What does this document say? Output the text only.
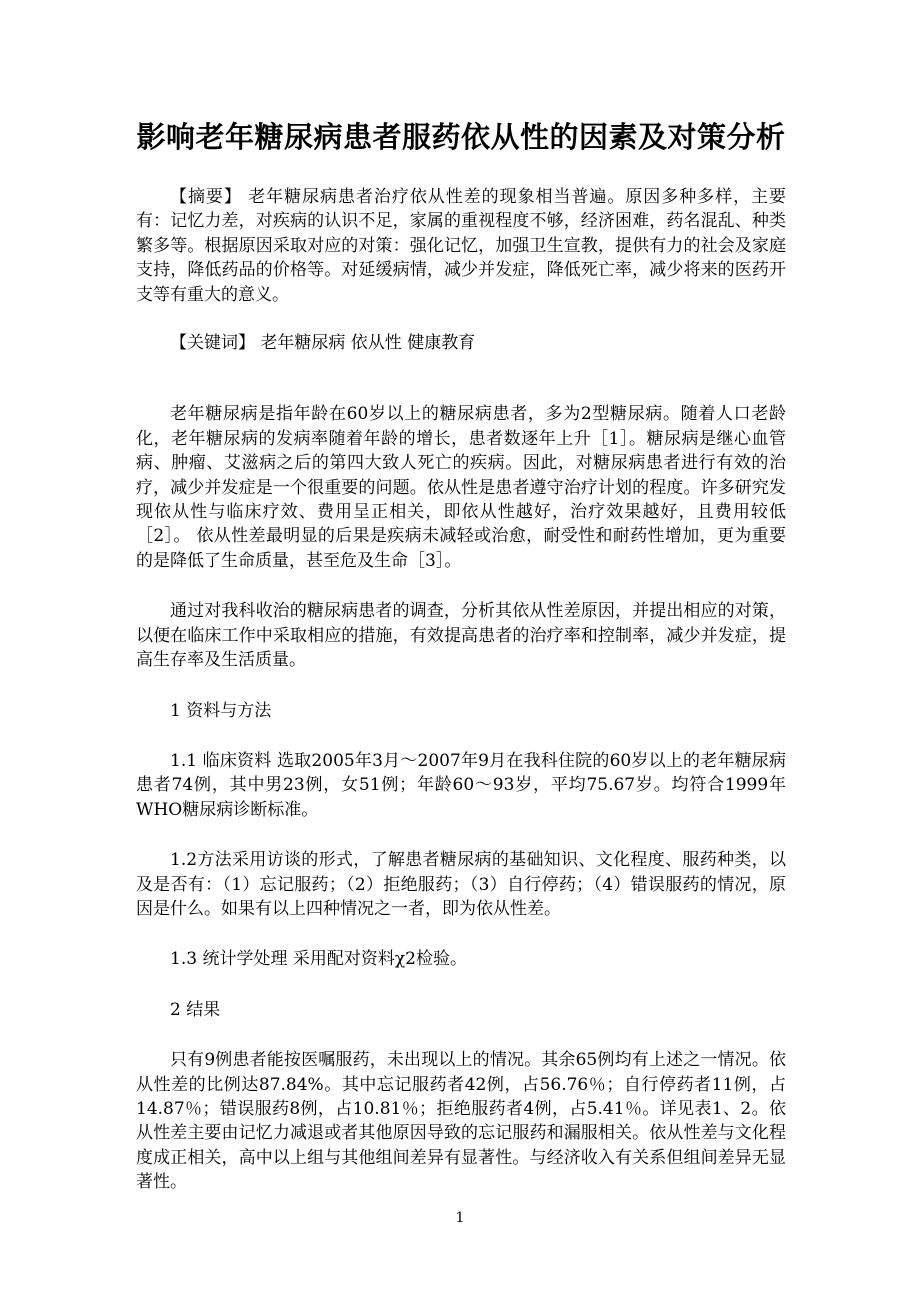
影响老年糖尿病患者服药依从性的因素及对策分析

【摘要】 老年糖尿病患者治疗依从性差的现象相当普遍。原因多种多样，主要有：记忆力差，对疾病的认识不足，家属的重视程度不够，经济困难，药名混乱、种类繁多等。根据原因采取对应的对策：强化记忆，加强卫生宣教，提供有力的社会及家庭支持，降低药品的价格等。对延缓病情，减少并发症，降低死亡率，减少将来的医药开支等有重大的意义。

【关键词】 老年糖尿病 依从性 健康教育

老年糖尿病是指年龄在60岁以上的糖尿病患者，多为2型糖尿病。随着人口老龄化，老年糖尿病的发病率随着年龄的增长，患者数逐年上升［1］。糖尿病是继心血管病、肿瘤、艾滋病之后的第四大致人死亡的疾病。因此，对糖尿病患者进行有效的治疗，减少并发症是一个很重要的问题。依从性是患者遵守治疗计划的程度。许多研究发现依从性与临床疗效、费用呈正相关，即依从性越好，治疗效果越好，且费用较低［2］。 依从性差最明显的后果是疾病未减轻或治愈，耐受性和耐药性增加，更为重要的是降低了生命质量，甚至危及生命［3］。

通过对我科收治的糖尿病患者的调查，分析其依从性差原因，并提出相应的对策，以便在临床工作中采取相应的措施，有效提高患者的治疗率和控制率，减少并发症，提高生存率及生活质量。

1 资料与方法

1.1 临床资料 选取2005年3月～2007年9月在我科住院的60岁以上的老年糖尿病患者74例，其中男23例，女51例；年龄60～93岁，平均75.67岁。均符合1999年WHO糖尿病诊断标准。

1.2方法采用访谈的形式，了解患者糖尿病的基础知识、文化程度、服药种类，以及是否有：（1）忘记服药；（2）拒绝服药；（3）自行停药；（4）错误服药的情况，原因是什么。如果有以上四种情况之一者，即为依从性差。

1.3 统计学处理 采用配对资料χ2检验。

2 结果

只有9例患者能按医嘱服药，未出现以上的情况。其余65例均有上述之一情况。依从性差的比例达87.84%。其中忘记服药者42例，占56.76％；自行停药者11例，占14.87％；错误服药8例，占10.81％；拒绝服药者4例，占5.41％。详见表1、2。依从性差主要由记忆力减退或者其他原因导致的忘记服药和漏服相关。依从性差与文化程度成正相关，高中以上组与其他组间差异有显著性。与经济收入有关系但组间差异无显著性。

1
